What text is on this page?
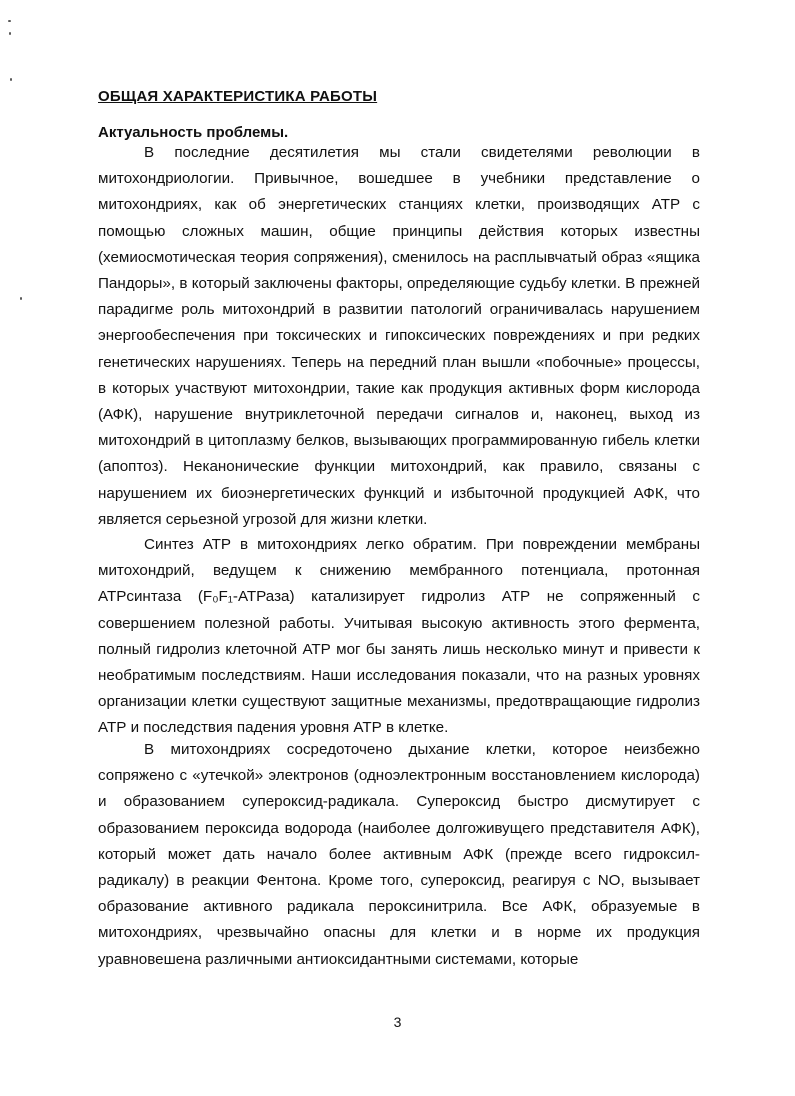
ОБЩАЯ ХАРАКТЕРИСТИКА РАБОТЫ
Актуальность проблемы.

В последние десятилетия мы стали свидетелями революции в митохондриологии. Привычное, вошедшее в учебники представление о митохондриях, как об энергетических станциях клетки, производящих АТР с помощью сложных машин, общие принципы действия которых известны (хемиосмотическая теория сопряжения), сменилось на расплывчатый образ «ящика Пандоры», в который заключены факторы, определяющие судьбу клетки. В прежней парадигме роль митохондрий в развитии патологий ограничивалась нарушением энергообеспечения при токсических и гипоксических повреждениях и при редких генетических нарушениях. Теперь на передний план вышли «побочные» процессы, в которых участвуют митохондрии, такие как продукция активных форм кислорода (АФК), нарушение внутриклеточной передачи сигналов и, наконец, выход из митохондрий в цитоплазму белков, вызывающих программированную гибель клетки (апоптоз). Неканонические функции митохондрий, как правило, связаны с нарушением их биоэнергетических функций и избыточной продукцией АФК, что является серьезной угрозой для жизни клетки.

Синтез АТР в митохондриях легко обратим. При повреждении мембраны митохондрий, ведущем к снижению мембранного потенциала, протонная АТРсинтаза (F₀F₁-АТРаза) катализирует гидролиз АТР не сопряженный с совершением полезной работы. Учитывая высокую активность этого фермента, полный гидролиз клеточной АТР мог бы занять лишь несколько минут и привести к необратимым последствиям. Наши исследования показали, что на разных уровнях организации клетки существуют защитные механизмы, предотвращающие гидролиз АТР и последствия падения уровня АТР в клетке.

В митохондриях сосредоточено дыхание клетки, которое неизбежно сопряжено с «утечкой» электронов (одноэлектронным восстановлением кислорода) и образованием супероксид-радикала. Супероксид быстро дисмутирует с образованием пероксида водорода (наиболее долгоживущего представителя АФК), который может дать начало более активным АФК (прежде всего гидроксил-радикалу) в реакции Фентона. Кроме того, супероксид, реагируя с NO, вызывает образование активного радикала пероксинитрила. Все АФК, образуемые в митохондриях, чрезвычайно опасны для клетки и в норме их продукция уравновешена различными антиоксидантными системами, которые

3
